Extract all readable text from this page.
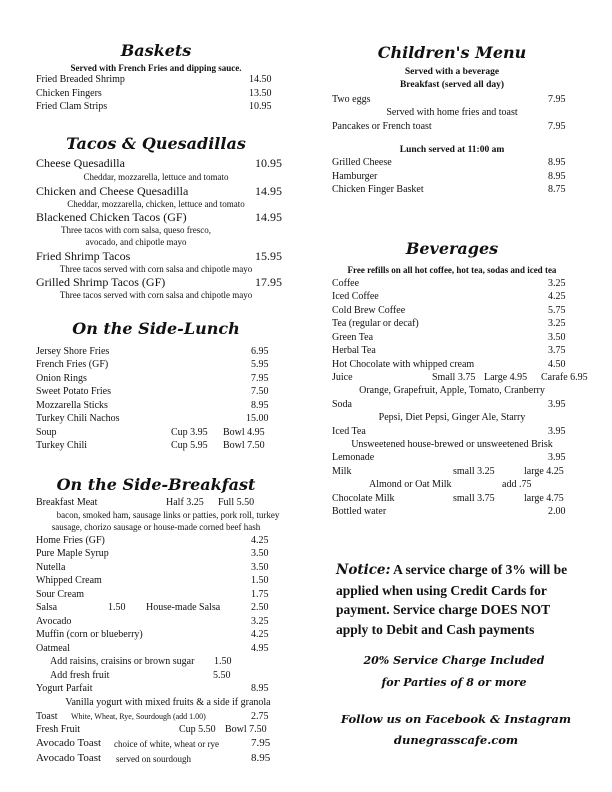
Baskets
Served with French Fries and dipping sauce.
Fried Breaded Shrimp	14.50
Chicken Fingers	13.50
Fried Clam Strips	10.95
Tacos & Quesadillas
Cheese Quesadilla	10.95
Cheddar, mozzarella, lettuce and tomato
Chicken and Cheese Quesadilla	14.95
Cheddar, mozzarella, chicken, lettuce and tomato
Blackened Chicken Tacos (GF)	14.95
Three tacos with corn salsa, queso fresco,
avocado, and chipotle mayo
Fried Shrimp Tacos	15.95
Three tacos served with corn salsa and chipotle mayo
Grilled Shrimp Tacos (GF)	17.95
Three tacos served with corn salsa and chipotle mayo
On the Side-Lunch
Jersey Shore Fries	6.95
French Fries (GF)	5.95
Onion Rings	7.95
Sweet Potato Fries	7.50
Mozzarella Sticks	8.95
Turkey Chili Nachos	15.00
Soup	Cup 3.95 Bowl 4.95
Turkey Chili	Cup 5.95 Bowl 7.50
On the Side-Breakfast
Breakfast Meat	Half 3.25 Full 5.50
bacon, smoked ham, sausage links or patties, pork roll, turkey
sausage, chorizo sausage or house-made corned beef hash
Home Fries (GF)	4.25
Pure Maple Syrup	3.50
Nutella	3.50
Whipped Cream	1.50
Sour Cream	1.75
Salsa	1.50 House-made Salsa	2.50
Avocado	3.25
Muffin (corn or blueberry)	4.25
Oatmeal	4.95
Add raisins, craisins or brown sugar 1.50
Add fresh fruit	5.50
Yogurt Parfait	8.95
Vanilla yogurt with mixed fruits & a side if granola
Toast White, Wheat, Rye, Sourdough (add 1.00)	2.75
Fresh Fruit	Cup 5.50 Bowl 7.50
Avocado Toast choice of white, wheat or rye	7.95
Avocado Toast served on sourdough	8.95
Children's Menu
Served with a beverage
Breakfast (served all day)
Two eggs	7.95
Served with home fries and toast
Pancakes or French toast	7.95
Lunch served at 11:00 am
Grilled Cheese	8.95
Hamburger	8.95
Chicken Finger Basket	8.75
Beverages
Free refills on all hot coffee, hot tea, sodas and iced tea
Coffee	3.25
Iced Coffee	4.25
Cold Brew Coffee	5.75
Tea (regular or decaf)	3.25
Green Tea	3.50
Herbal Tea	3.75
Hot Chocolate with whipped cream	4.50
Juice	Small 3.75 Large 4.95 Carafe 6.95
Orange, Grapefruit, Apple, Tomato, Cranberry
Soda	3.95
Pepsi, Diet Pepsi, Ginger Ale, Starry
Iced Tea	3.95
Unsweetened house-brewed or unsweetened Brisk
Lemonade	3.95
Milk	small 3.25	large 4.25
Almond or Oat Milk	add .75
Chocolate Milk	small 3.75	large 4.75
Bottled water	2.00
Notice: A service charge of 3% will be
applied when using Credit Cards for
payment. Service charge DOES NOT
apply to Debit and Cash payments
20% Service Charge Included
for Parties of 8 or more
Follow us on Facebook & Instagram
dunegrasscafe.com
